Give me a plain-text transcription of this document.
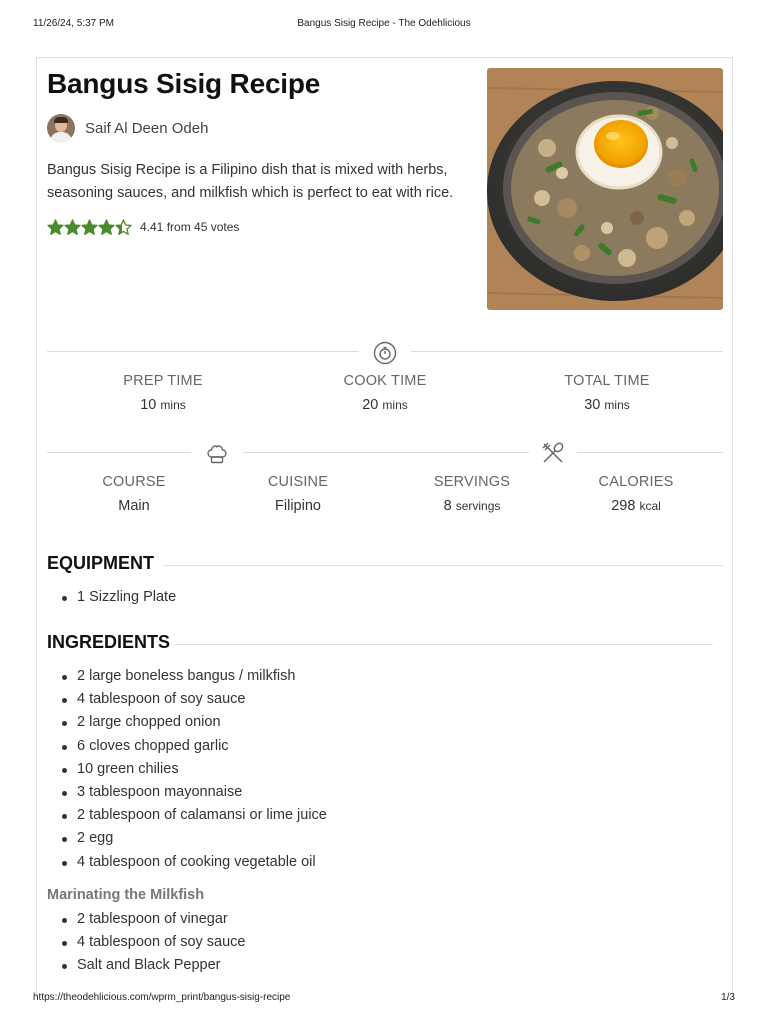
11/26/24, 5:37 PM	Bangus Sisig Recipe - The Odehlicious
Bangus Sisig Recipe
Saif Al Deen Odeh

Bangus Sisig Recipe is a Filipino dish that is mixed with herbs, seasoning sauces, and milkfish which is perfect to eat with rice.

4.41 from 45 votes
PREP TIME
10 mins
COOK TIME
20 mins
TOTAL TIME
30 mins
COURSE
Main
CUISINE
Filipino
SERVINGS
8 servings
CALORIES
298 kcal
EQUIPMENT
1 Sizzling Plate
INGREDIENTS
2 large boneless bangus / milkfish
4 tablespoon of soy sauce
2 large chopped onion
6 cloves chopped garlic
10 green chilies
3 tablespoon mayonnaise
2 tablespoon of calamansi or lime juice
2 egg
4 tablespoon of cooking vegetable oil
Marinating the Milkfish
2 tablespoon of vinegar
4 tablespoon of soy sauce
Salt and Black Pepper
https://theodehlicious.com/wprm_print/bangus-sisig-recipe	1/3
